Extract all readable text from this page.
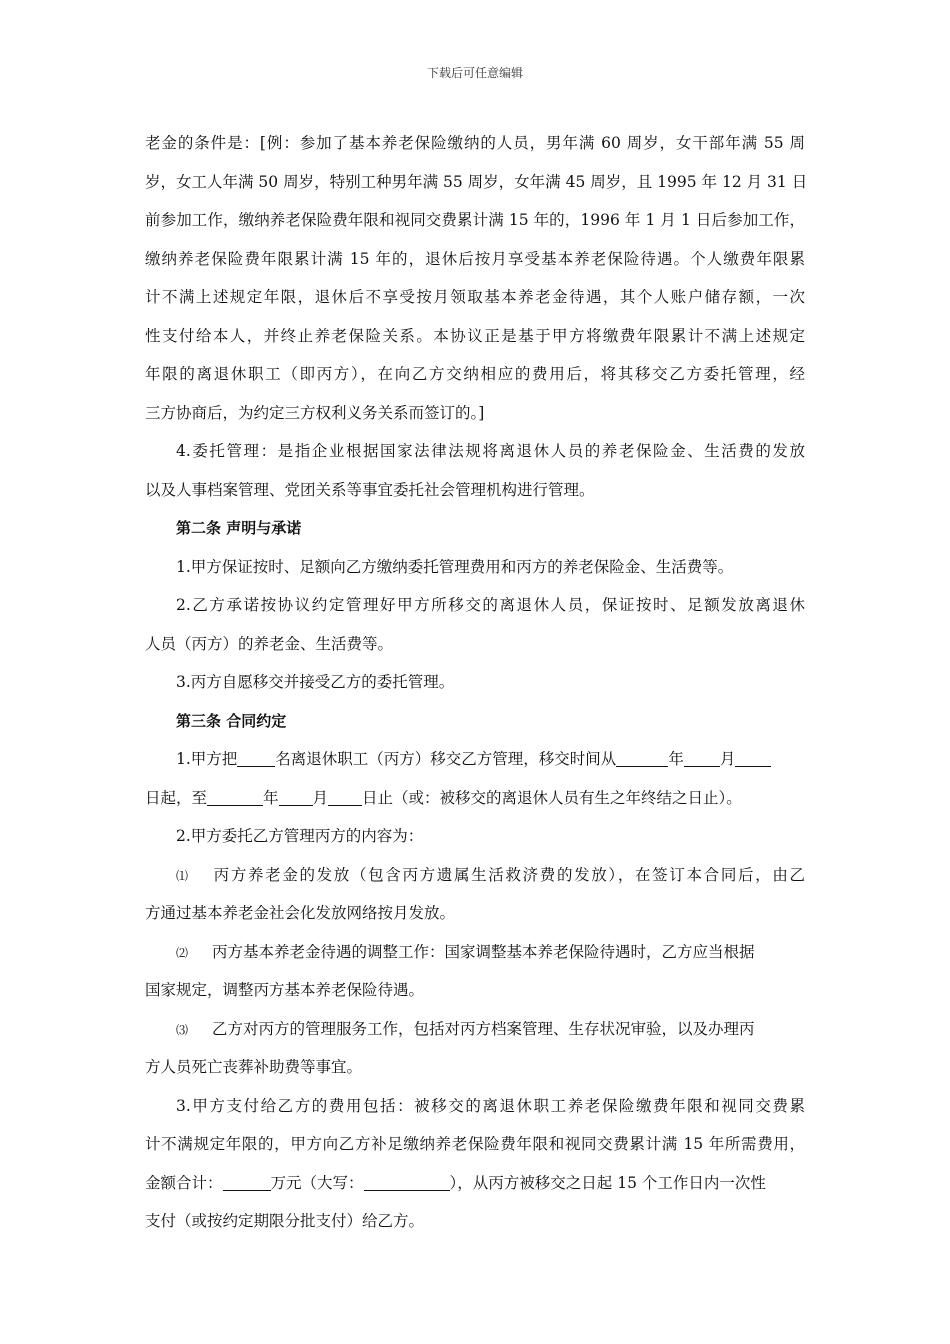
下载后可任意编辑
老金的条件是：[例：参加了基本养老保险缴纳的人员，男年满 60 周岁，女干部年满 55 周
岁，女工人年满 50 周岁，特别工种男年满 55 周岁，女年满 45 周岁，且 1995 年 12 月 31 日
前参加工作，缴纳养老保险费年限和视同交费累计满 15 年的，1996 年 1 月 1 日后参加工作，
缴纳养老保险费年限累计满 15 年的，退休后按月享受基本养老保险待遇。个人缴费年限累
计不满上述规定年限，退休后不享受按月领取基本养老金待遇，其个人账户储存额，一次
性支付给本人，并终止养老保险关系。本协议正是基于甲方将缴费年限累计不满上述规定
年限的离退休职工（即丙方），在向乙方交纳相应的费用后，将其移交乙方委托管理，经
三方协商后，为约定三方权利义务关系而签订的。]
4.委托管理：是指企业根据国家法律法规将离退休人员的养老保险金、生活费的发放
以及人事档案管理、党团关系等事宜委托社会管理机构进行管理。
第二条 声明与承诺
1.甲方保证按时、足额向乙方缴纳委托管理费用和丙方的养老保险金、生活费等。
2.乙方承诺按协议约定管理好甲方所移交的离退休人员，保证按时、足额发放离退休
人员（丙方）的养老金、生活费等。
3.丙方自愿移交并接受乙方的委托管理。
第三条 合同约定
1.甲方把 名离退休职工（丙方）移交乙方管理，移交时间从	年 月
日起，至	年 月 日止（或：被移交的离退休人员有生之年终结之日止）。
2.甲方委托乙方管理丙方的内容为：
⑴ 丙方养老金的发放（包含丙方遗属生活救济费的发放），在签订本合同后，由乙
方通过基本养老金社会化发放网络按月发放。
⑵ 丙方基本养老金待遇的调整工作：国家调整基本养老保险待遇时，乙方应当根据
国家规定，调整丙方基本养老保险待遇。
⑶ 乙方对丙方的管理服务工作，包括对丙方档案管理、生存状况审验，以及办理丙
方人员死亡丧葬补助费等事宜。
3.甲方支付给乙方的费用包括：被移交的离退休职工养老保险缴费年限和视同交费累
计不满规定年限的，甲方向乙方补足缴纳养老保险费年限和视同交费累计满 15 年所需费用，
金额合计：	万元（大写：	），从丙方被移交之日起 15 个工作日内一次性
支付（或按约定期限分批支付）给乙方。
